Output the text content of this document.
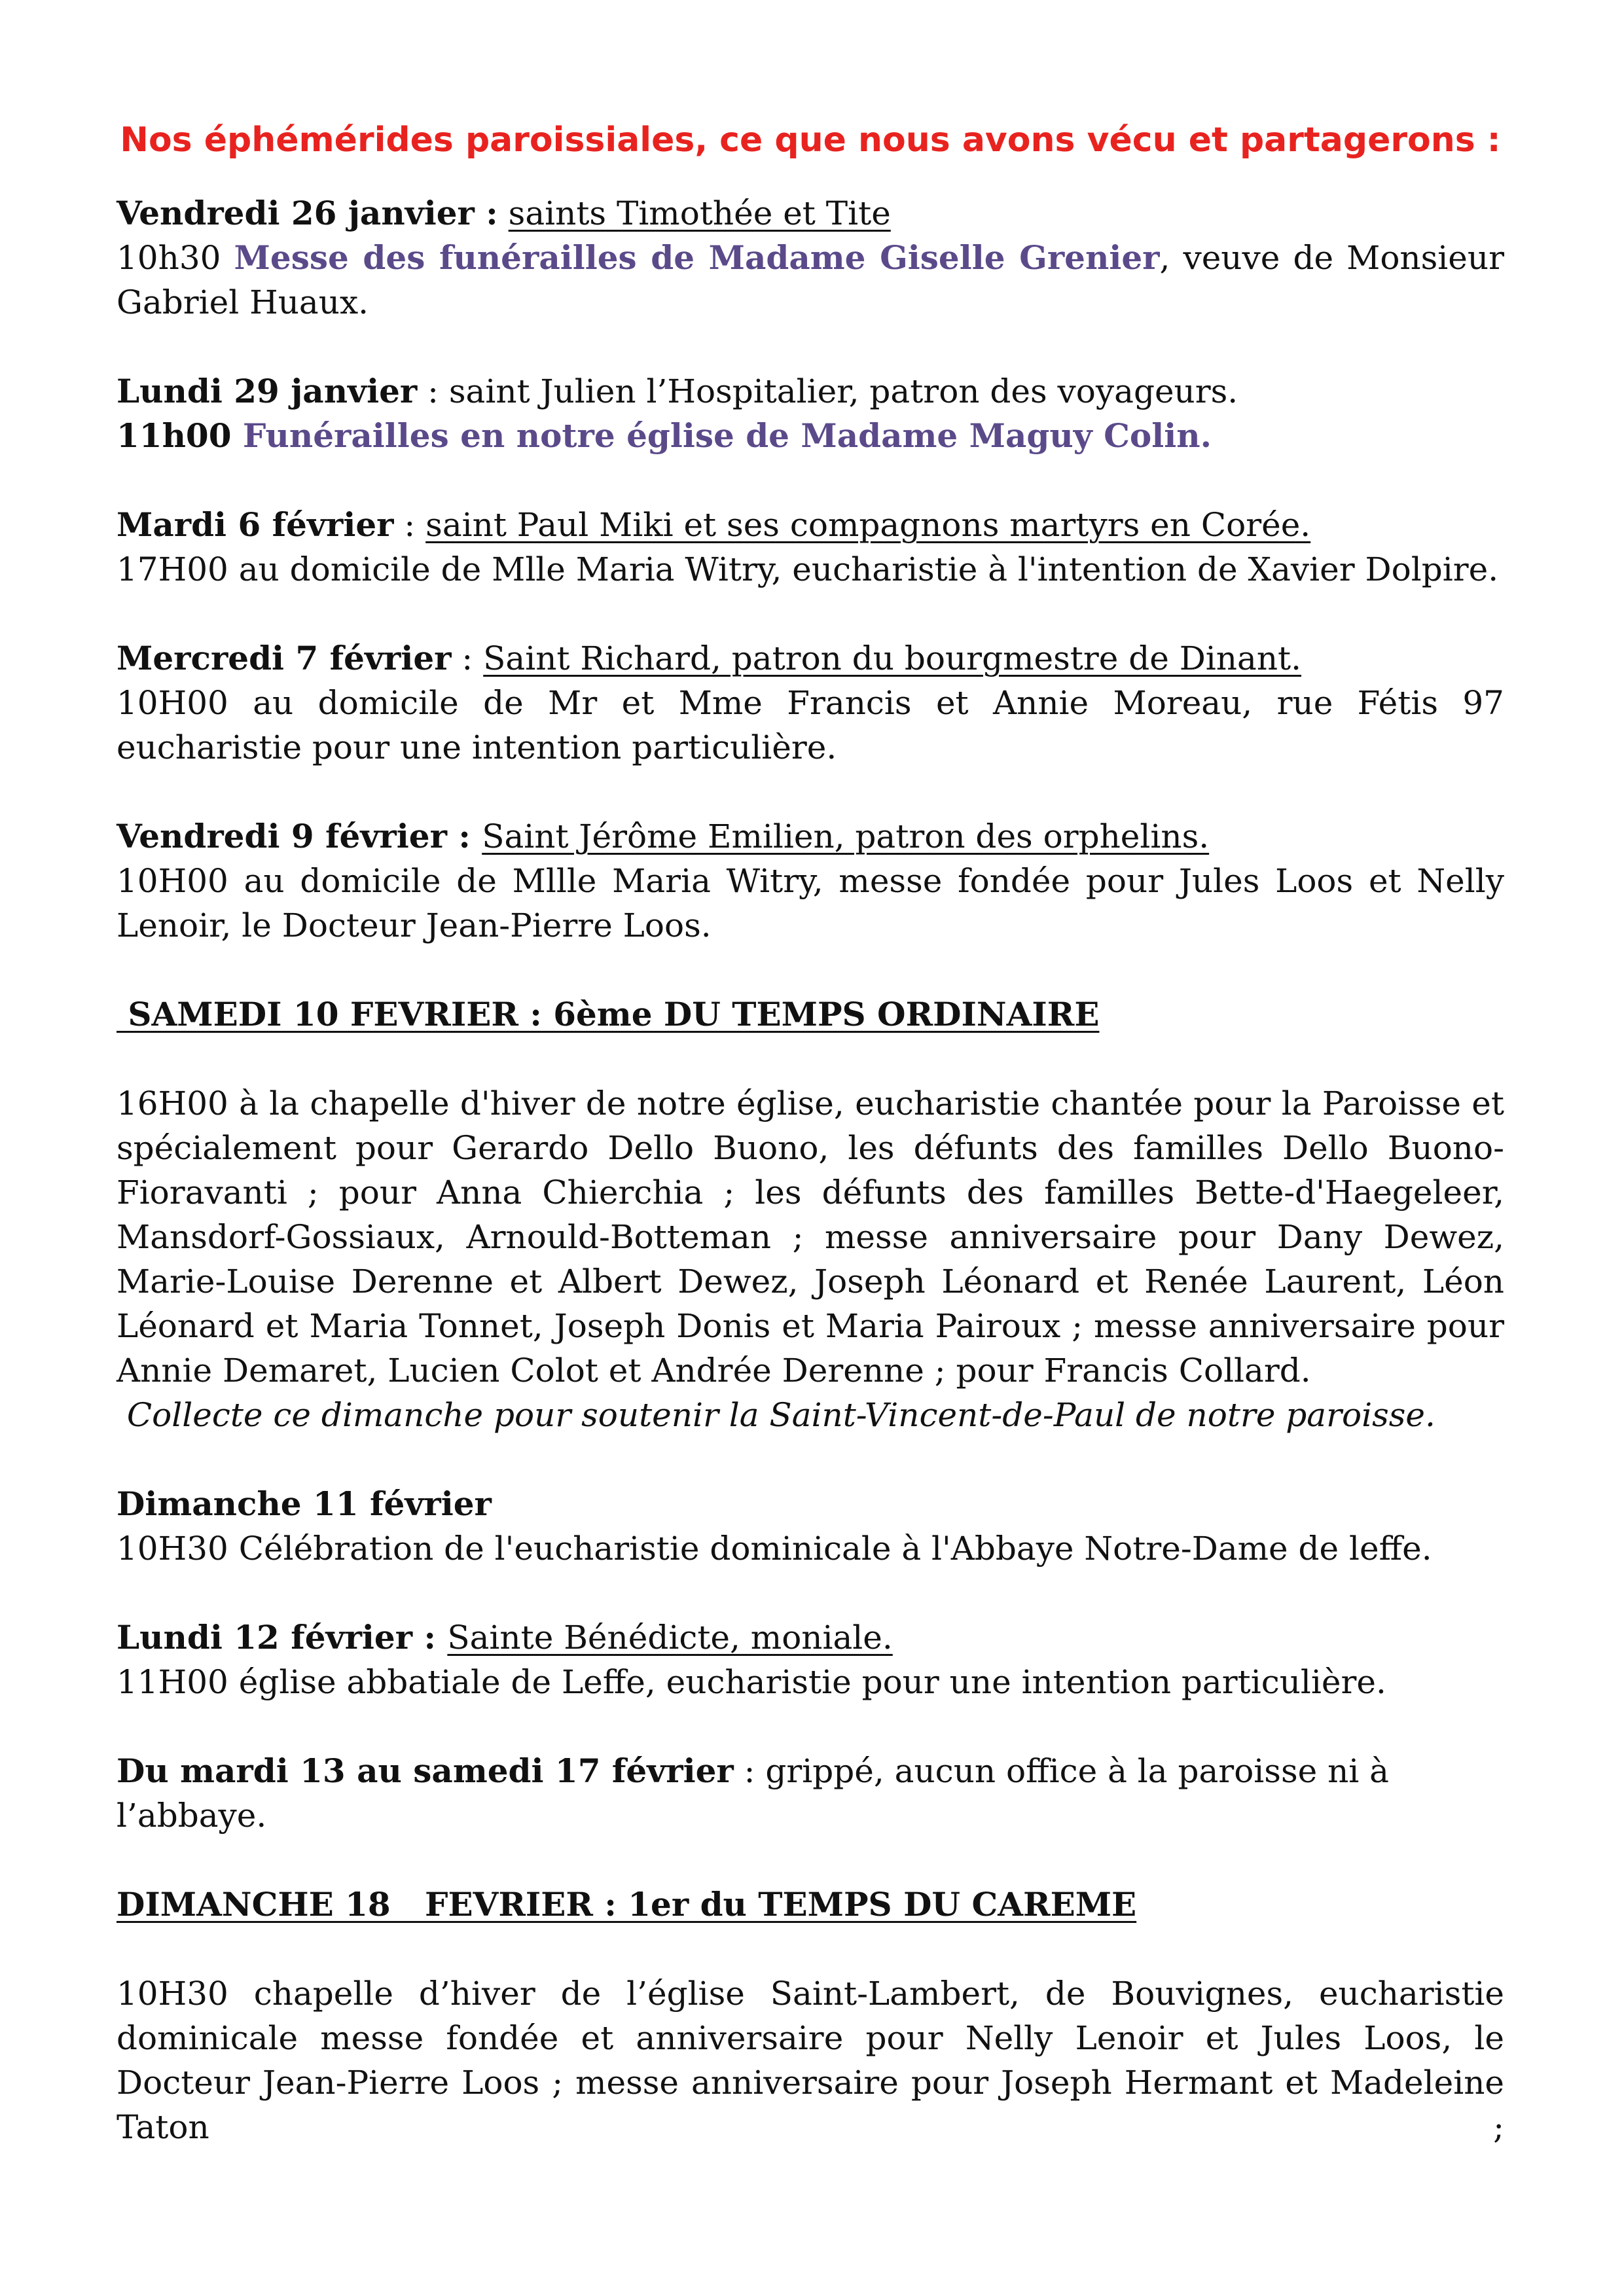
Nos éphémérides paroissiales, ce que nous avons vécu et partagerons :

Vendredi 26 janvier : saints Timothée et Tite
10h30 Messe des funérailles de Madame Giselle Grenier, veuve de Monsieur Gabriel Huaux.

Lundi 29 janvier : saint Julien l’Hospitalier, patron des voyageurs.

11h00 Funérailles en notre église de Madame Maguy Colin.

Mardi 6 février : saint Paul Miki et ses compagnons martyrs en Corée.

17H00 au domicile de Mlle Maria Witry, eucharistie à l'intention de Xavier Dolpire.

Mercredi 7 février : Saint Richard, patron du bourgmestre de Dinant.

10H00 au domicile de Mr et Mme Francis et Annie Moreau, rue Fétis 97 eucharistie pour une intention particulière.

Vendredi 9 février : Saint Jérôme Emilien, patron des orphelins.

10H00 au domicile de Mllle Maria Witry, messe fondée pour Jules Loos et Nelly Lenoir, le Docteur Jean-Pierre Loos.

SAMEDI 10 FEVRIER : 6ème DU TEMPS ORDINAIRE

16H00 à la chapelle d'hiver de notre église, eucharistie chantée pour la Paroisse et spécialement pour Gerardo Dello Buono, les défunts des familles Dello Buono-Fioravanti ; pour Anna Chierchia ; les défunts des familles Bette-d'Haegeleer, Mansdorf-Gossiaux, Arnould-Botteman ; messe anniversaire pour Dany Dewez, Marie-Louise Derenne et Albert Dewez, Joseph Léonard et Renée Laurent, Léon Léonard et Maria Tonnet, Joseph Donis et Maria Pairoux ; messe anniversaire pour Annie Demaret, Lucien Colot et Andrée Derenne ; pour Francis Collard.

Collecte ce dimanche pour soutenir la Saint-Vincent-de-Paul de notre paroisse.

Dimanche 11 février

10H30 Célébration de l'eucharistie dominicale à l'Abbaye Notre-Dame de leffe.

Lundi 12 février : Sainte Bénédicte, moniale.

11H00 église abbatiale de Leffe, eucharistie pour une intention particulière.

Du mardi 13 au samedi 17 février : grippé, aucun office à la paroisse ni à l’abbaye.

DIMANCHE 18   FEVRIER : 1er du TEMPS DU CAREME

10H30 chapelle d’hiver de l’église Saint-Lambert, de Bouvignes, eucharistie dominicale messe fondée et anniversaire pour Nelly Lenoir et Jules Loos, le Docteur Jean-Pierre Loos ; messe anniversaire pour Joseph Hermant et Madeleine Taton ;
